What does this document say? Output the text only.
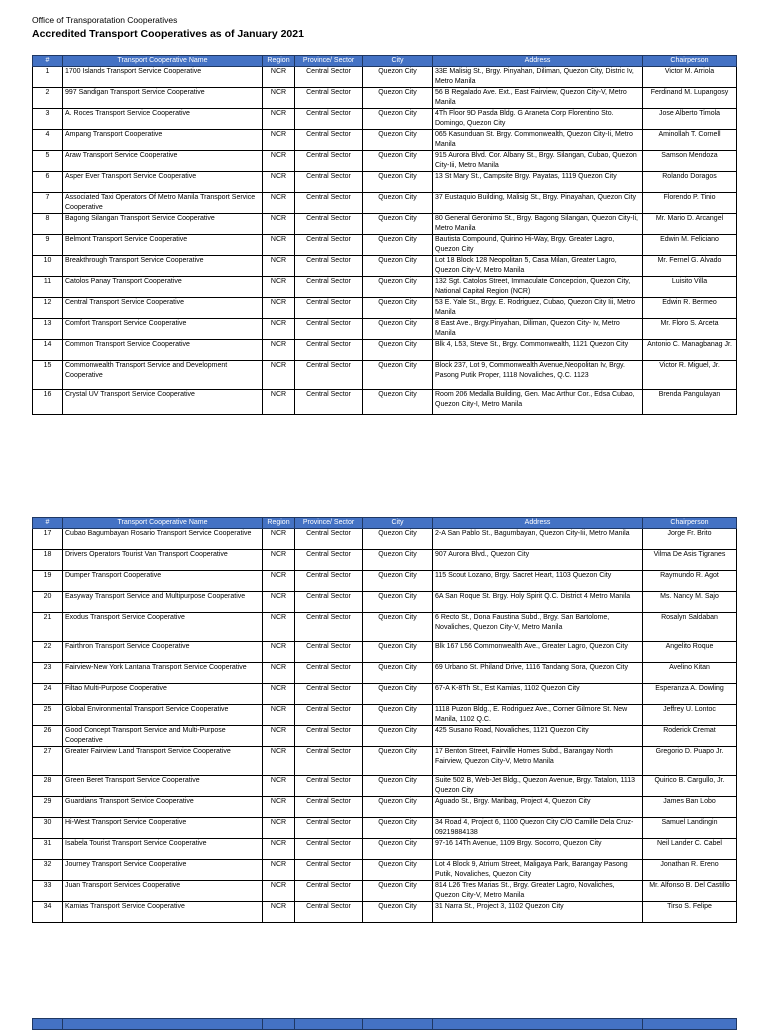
Office of Transporatation Cooperatives
Accredited Transport Cooperatives as of January 2021
#	Transport Cooperative Name	Region	Province/ Sector	City	Address	Chairperson
1	1700 Islands Transport Service Cooperative	NCR	Central Sector	Quezon City	33E Malisig St., Brgy. Pinyahan, Diliman, Quezon City, Distric Iv, Metro Manila	Victor M. Arriola
2	997 Sandigan Transport Service Cooperative	NCR	Central Sector	Quezon City	56 B Regalado Ave. Ext., East Fairview, Quezon City-V, Metro Manila	Ferdinand M. Lupangosy
3	A. Roces Transport Service Cooperative	NCR	Central Sector	Quezon City	4Th Floor 9D Pasda Bldg. G Araneta Corp Florentino Sto. Domingo, Quezon City	Jose Alberto Timola
4	Ampang Transport Cooperative	NCR	Central Sector	Quezon City	065 Kasunduan St. Brgy. Commonwealth, Quezon City-Ii, Metro Manila	Aminollah T. Cornell
5	Araw Transport Service Cooperative	NCR	Central Sector	Quezon City	915 Aurora Blvd. Cor. Albany St., Brgy. Silangan, Cubao, Quezon City-Iii, Metro Manila	Samson Mendoza
6	Asper Ever Transport Service Cooperative	NCR	Central Sector	Quezon City	13 St Mary St., Campsite Brgy. Payatas, 1119 Quezon City	Rolando Doragos
7	Associated Taxi Operators Of Metro Manila Transport Service Cooperative	NCR	Central Sector	Quezon City	37 Eustaquio Building, Malisig St., Brgy. Pinayahan, Quezon City	Florendo P. Tinio
8	Bagong Silangan Transport Service Cooperative	NCR	Central Sector	Quezon City	80 General Geronimo St., Brgy. Bagong Silangan, Quezon City-Ii, Metro Manila	Mr. Mario D. Arcangel
9	Belmont Transport Service Cooperative	NCR	Central Sector	Quezon City	Bautista Compound, Quirino Hi-Way, Brgy. Greater Lagro, Quezon City	Edwin M. Feliciano
10	Breakthrough Transport Service Cooperative	NCR	Central Sector	Quezon City	Lot 18 Block 128 Neopolitan 5, Casa Milan, Greater Lagro, Quezon City-V, Metro Manila	Mr. Fernel G. Alvado
11	Catolos Panay Transport Cooperative	NCR	Central Sector	Quezon City	132 Sgt. Catolos Street, Immaculate Concepcion, Quezon City, National Capital Region (NCR)	Luisito Villa
12	Central Transport Service Cooperative	NCR	Central Sector	Quezon City	53 E. Yale St., Brgy. E. Rodriguez, Cubao, Quezon City Iii, Metro Manila	Edwin R. Bermeo
13	Comfort Transport Service Cooperative	NCR	Central Sector	Quezon City	8 East Ave., Brgy.Pinyahan, Diliman, Quezon City- Iv, Metro Manila	Mr. Floro S. Arceta
14	Common Transport Service Cooperative	NCR	Central Sector	Quezon City	Blk 4, L53, Steve St., Brgy. Commonwealth, 1121 Quezon City	Antonio C. Managbanag Jr.
15	Commonwealth Transport Service and Development Cooperative	NCR	Central Sector	Quezon City	Block 237, Lot 9, Commonwealth Avenue,Neopolitan Iv, Brgy. Pasong Putik Proper, 1118 Novaliches, Q.C. 1123	Victor R. Miguel, Jr.
16	Crystal UV Transport Service Cooperative	NCR	Central Sector	Quezon City	Room 206 Medalla Building, Gen. Mac Arthur Cor., Edsa Cubao, Quezon City-I, Metro Manila	Brenda Pangulayan
#	Transport Cooperative Name	Region	Province/ Sector	City	Address	Chairperson
17	Cubao Bagumbayan Rosario Transport Service Cooperative	NCR	Central Sector	Quezon City	2-A San Pablo St., Bagumbayan, Quezon City-Iii, Metro Manila	Jorge Fr. Brito
18	Drivers Operators Tourist Van Transport Cooperative	NCR	Central Sector	Quezon City	907 Aurora Blvd., Quezon City	Vilma De Asis Tigranes
19	Dumper Transport Cooperative	NCR	Central Sector	Quezon City	115 Scout Lozano, Brgy. Sacret Heart, 1103 Quezon City	Raymundo R. Agot
20	Easyway Transport Service and Multipurpose Cooperative	NCR	Central Sector	Quezon City	6A San Roque St. Brgy. Holy Spirit Q.C. District 4 Metro Manila	Ms. Nancy M. Sajo
21	Exodus Transport Service Cooperative	NCR	Central Sector	Quezon City	6 Recto St., Dona Faustina Subd., Brgy. San Bartolome, Novaliches, Quezon City-V, Metro Manila	Rosalyn Saldaban
22	Fairthron Transport Service Cooperative	NCR	Central Sector	Quezon City	Blk 167 L56 Commonwealth Ave., Greater Lagro, Quezon City	Angelito Roque
23	Fairview-New York Lantana Transport Service Cooperative	NCR	Central Sector	Quezon City	69 Urbano St. Philand Drive, 1116 Tandang Sora, Quezon City	Avelino Kitan
24	Filtao Multi-Purpose Cooperative	NCR	Central Sector	Quezon City	67-A K-8Th St., Est Kamias, 1102 Quezon City	Esperanza A. Dowling
25	Global Environmental Transport Service Cooperative	NCR	Central Sector	Quezon City	1118 Puzon Bldg., E. Rodriguez Ave., Corner Gilmore St. New Manila, 1102 Q.C.	Jeffrey U. Lontoc
26	Good Concept Transport Service and Multi-Purpose Cooperative	NCR	Central Sector	Quezon City	425 Susano Road, Novaliches, 1121 Quezon City	Roderick Cremat
27	Greater Fairview Land Transport Service Cooperative	NCR	Central Sector	Quezon City	17 Benton Street, Fairville Homes Subd., Barangay North Fairview, Quezon City-V, Metro Manila	Gregorio D. Puapo Jr.
28	Green Beret Transport Service Cooperative	NCR	Central Sector	Quezon City	Suite 502 B, Web-Jet Bldg., Quezon Avenue, Brgy. Tatalon, 1113 Quezon City	Quirico B. Cargullo, Jr.
29	Guardians Transport Service Cooperative	NCR	Central Sector	Quezon City	Aguado St., Brgy. Maribag, Project 4, Quezon City	James Ban Lobo
30	Hi-West Transport Service Cooperative	NCR	Central Sector	Quezon City	34 Road 4, Project 6, 1100 Quezon City C/O Camille Dela Cruz-09219884138	Samuel Landingin
31	Isabela Tourist Transport Service Cooperative	NCR	Central Sector	Quezon City	97-16 14Th Avenue, 1109 Brgy. Socorro, Quezon City	Neil Lander C. Cabel
32	Journey Transport Service Cooperative	NCR	Central Sector	Quezon City	Lot 4 Block 9, Atrium Street, Maligaya Park, Barangay Pasong Putik, Novaliches, Quezon City	Jonathan R. Ereno
33	Juan Transport Services Cooperative	NCR	Central Sector	Quezon City	814 L26 Tres Marias St., Brgy. Greater Lagro, Novaliches, Quezon City-V, Metro Manila	Mr. Alfonso B. Del Castillo
34	Kamias Transport Service Cooperative	NCR	Central Sector	Quezon City	31 Narra St., Project 3, 1102 Quezon City	Tirso S. Felipe
